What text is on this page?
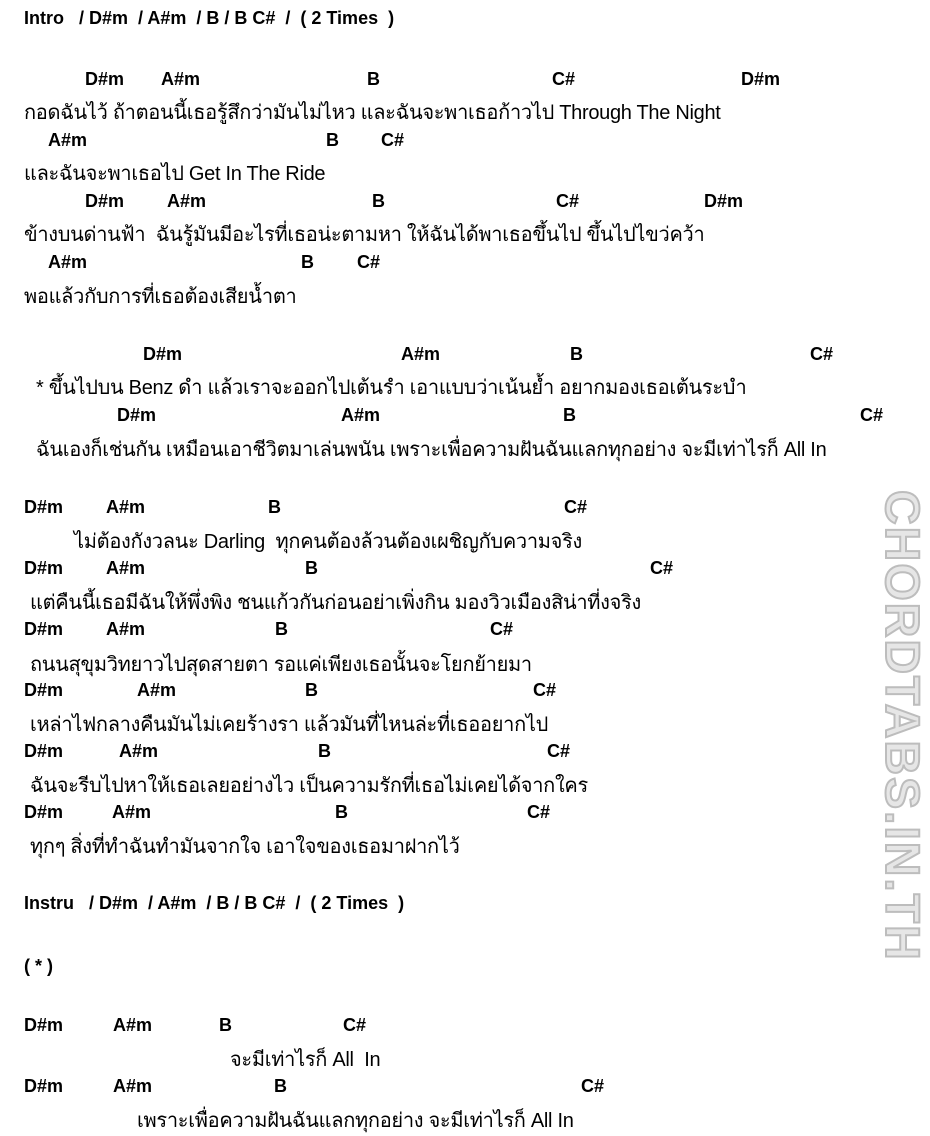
CHORDTABS.IN.TH
Intro   / D#m  / A#m  / B / B C#  /  ( 2 Times  )
Instru   / D#m  / A#m  / B / B C#  /  ( 2 Times  )
( * )
D#m A#m	B	C#	D#m
กอดฉันไว้ ถ้าตอนนี้เธอรู้สึกว่ามันไม่ไหว และฉันจะพาเธอก้าวไป Through The Night
A#m	B C#
และฉันจะพาเธอไป Get In The Ride
D#m A#m	B	C#	D#m
ข้างบนด่านฟ้า  ฉันรู้มันมีอะไรที่เธอน่ะตามหา ให้ฉันได้พาเธอขึ้นไป ขึ้นไปไขว่คว้า
A#m	B C#
พอแล้วกับการที่เธอต้องเสียน้ำตา
D#m	A#m	B	C#
* ขึ้นไปบน Benz ดำ แล้วเราจะออกไปเต้นรำ เอาแบบว่าเน้นย้ำ อยากมองเธอเต้นระบำ
D#m	A#m	B	C#
ฉันเองก็เช่นกัน เหมือนเอาชีวิตมาเล่นพนัน เพราะเพื่อความฝันฉันแลกทุกอย่าง จะมีเท่าไรก็ All In
D#m A#m	B	C#
ไม่ต้องกังวลนะ Darling  ทุกคนต้องล้วนต้องเผชิญกับความจริง
D#m A#m	B	C#
แต่คืนนี้เธอมีฉันให้พึ่งพิง ชนแก้วกันก่อนอย่าเพิ่งกิน มองวิวเมืองสิน่าที่งจริง
D#m A#m	B	C#
ถนนสุขุมวิทยาวไปสุดสายตา รอแค่เพียงเธอนั้นจะโยกย้ายมา
D#m	A#m	B	C#
เหล่าไฟกลางคืนมันไม่เคยร้างรา แล้วมันที่ไหนล่ะที่เธออยากไป
D#m	A#m	B	C#
ฉันจะรีบไปหาให้เธอเลยอย่างไว เป็นความรักที่เธอไม่เคยได้จากใคร
D#m	A#m	B	C#
ทุกๆ สิ่งที่ทำฉันทำมันจากใจ เอาใจของเธอมาฝากไว้
D#m	A#m	B	C#
จะมีเท่าไรก็ All  In
D#m	A#m	B	C#
เพราะเพื่อความฝันฉันแลกทุกอย่าง จะมีเท่าไรก็ All In
